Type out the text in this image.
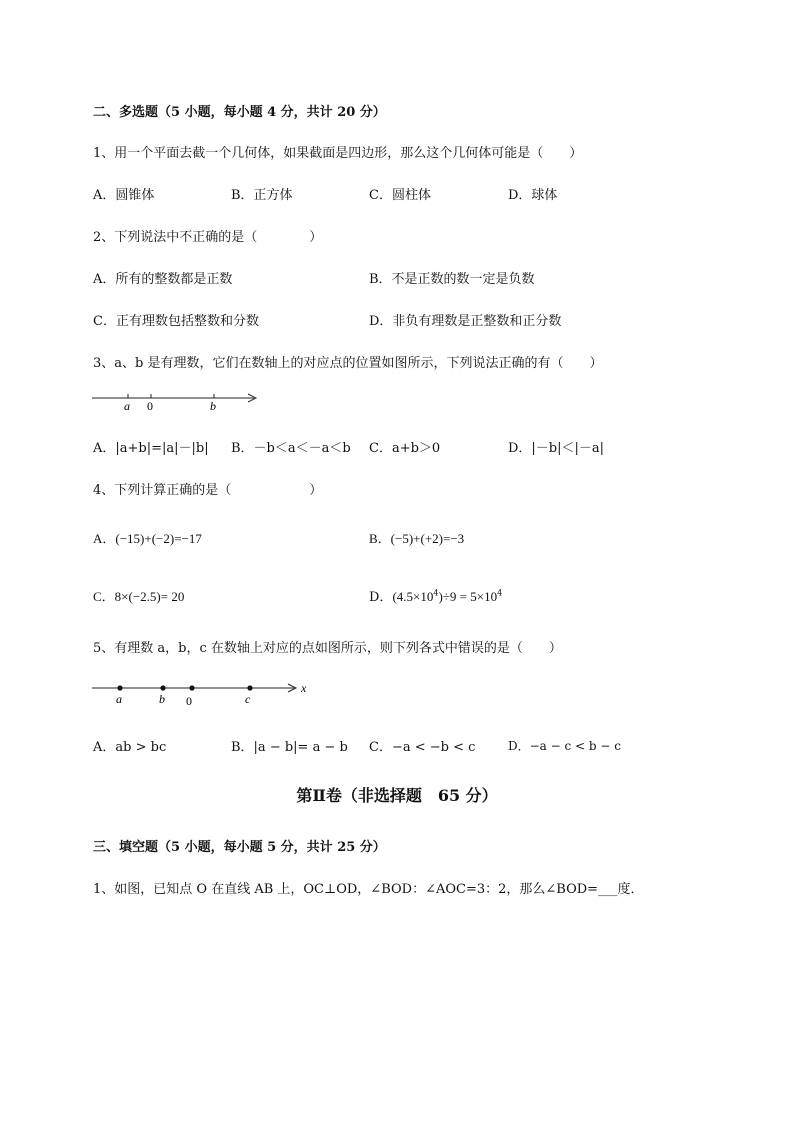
二、多选题（5 小题，每小题 4 分，共计 20 分）
1、用一个平面去截一个几何体，如果截面是四边形，那么这个几何体可能是（　　）
A．圆锥体	B．正方体	C．圆柱体	D．球体
2、下列说法中不正确的是（　　　　）
A．所有的整数都是正数	B．不是正数的数一定是负数
C．正有理数包括整数和分数	D．非负有理数是正整数和正分数
3、a、b 是有理数，它们在数轴上的对应点的位置如图所示，下列说法正确的有（　　）
a 0	b
A．|a+b|=|a|－|b| B．－b＜a＜－a＜b C．a+b＞0	D．|－b|＜|－a|
4、下列计算正确的是（　　　　　　）
A．(−15)+(−2)=−17	B．(−5)+(+2)=−3
C．8×(−2.5)= 20	D．$(4.5\times 10^4)\div 9 = 5\times 10^4$
5、有理数 a，b，c 在数轴上对应的点如图所示，则下列各式中错误的是（　　）
a	b 0	c
x
A．ab > bc	B．|a − b|= a − b C．−a < −b < c	D．−a − c < b − c
第Ⅱ卷（非选择题　65 分）
三、填空题（5 小题，每小题 5 分，共计 25 分）
1、如图，已知点 O 在直线 AB 上，OC⊥OD，∠BOD：∠AOC=3：2，那么∠BOD=___度．
